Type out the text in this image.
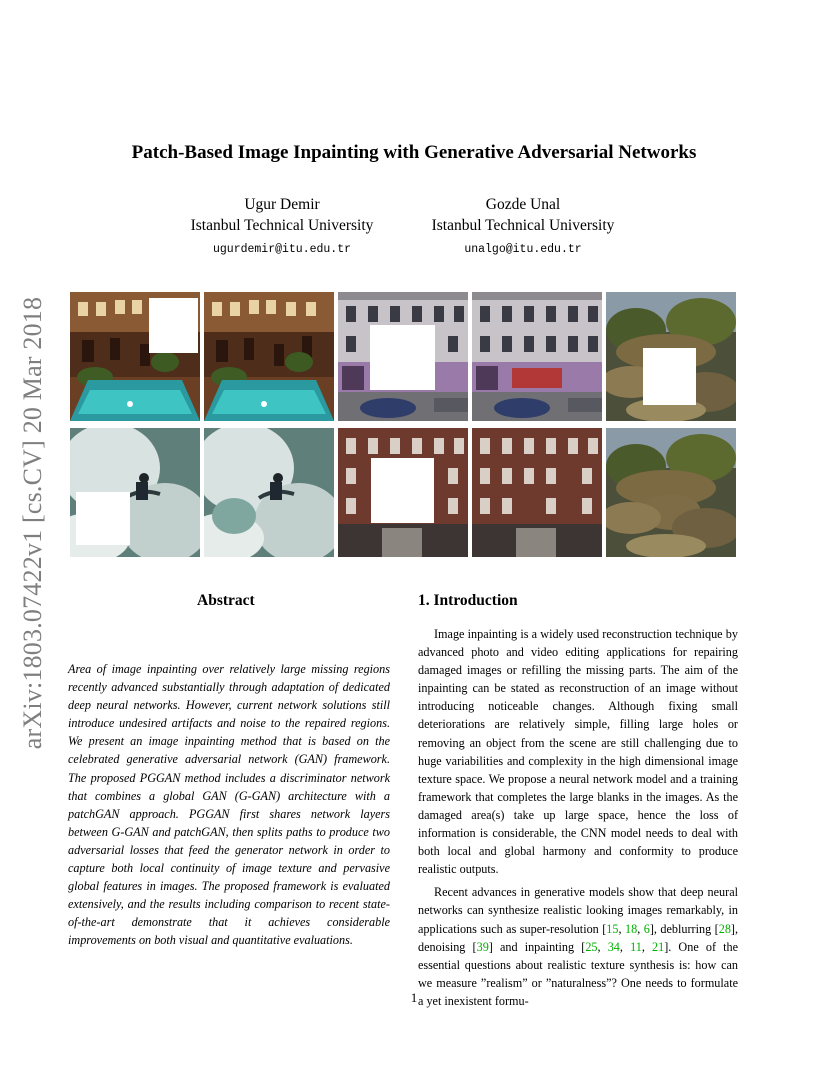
arXiv:1803.07422v1 [cs.CV] 20 Mar 2018
Patch-Based Image Inpainting with Generative Adversarial Networks
Ugur Demir
Istanbul Technical University
ugurdemir@itu.edu.tr
Gozde Unal
Istanbul Technical University
unalgo@itu.edu.tr
Abstract	1. Introduction
Area of image inpainting over relatively large missing regions recently advanced substantially through adaptation of dedicated deep neural networks. However, current network solutions still introduce undesired artifacts and noise to the repaired regions. We present an image inpainting method that is based on the celebrated generative adversarial network (GAN) framework. The proposed PGGAN method includes a discriminator network that combines a global GAN (G-GAN) architecture with a patchGAN approach. PGGAN first shares network layers between G-GAN and patchGAN, then splits paths to produce two adversarial losses that feed the generator network in order to capture both local continuity of image texture and pervasive global features in images. The proposed framework is evaluated extensively, and the results including comparison to recent state-of-the-art demonstrate that it achieves considerable improvements on both visual and quantitative evaluations.

Image inpainting is a widely used reconstruction technique by advanced photo and video editing applications for repairing damaged images or refilling the missing parts. The aim of the inpainting can be stated as reconstruction of an image without introducing noticeable changes. Although fixing small deteriorations are relatively simple, filling large holes or removing an object from the scene are still challenging due to huge variabilities and complexity in the high dimensional image texture space. We propose a neural network model and a training framework that completes the large blanks in the images. As the damaged area(s) take up large space, hence the loss of information is considerable, the CNN model needs to deal with both local and global harmony and conformity to produce realistic outputs.

Recent advances in generative models show that deep neural networks can synthesize realistic looking images remarkably, in applications such as super-resolution [15, 18, 6], deblurring [28], denoising [39] and inpainting [25, 34, 11, 21]. One of the essential questions about realistic texture synthesis is: how can we measure ”realism” or ”naturalness”? One needs to formulate a yet inexistent formu-

1
